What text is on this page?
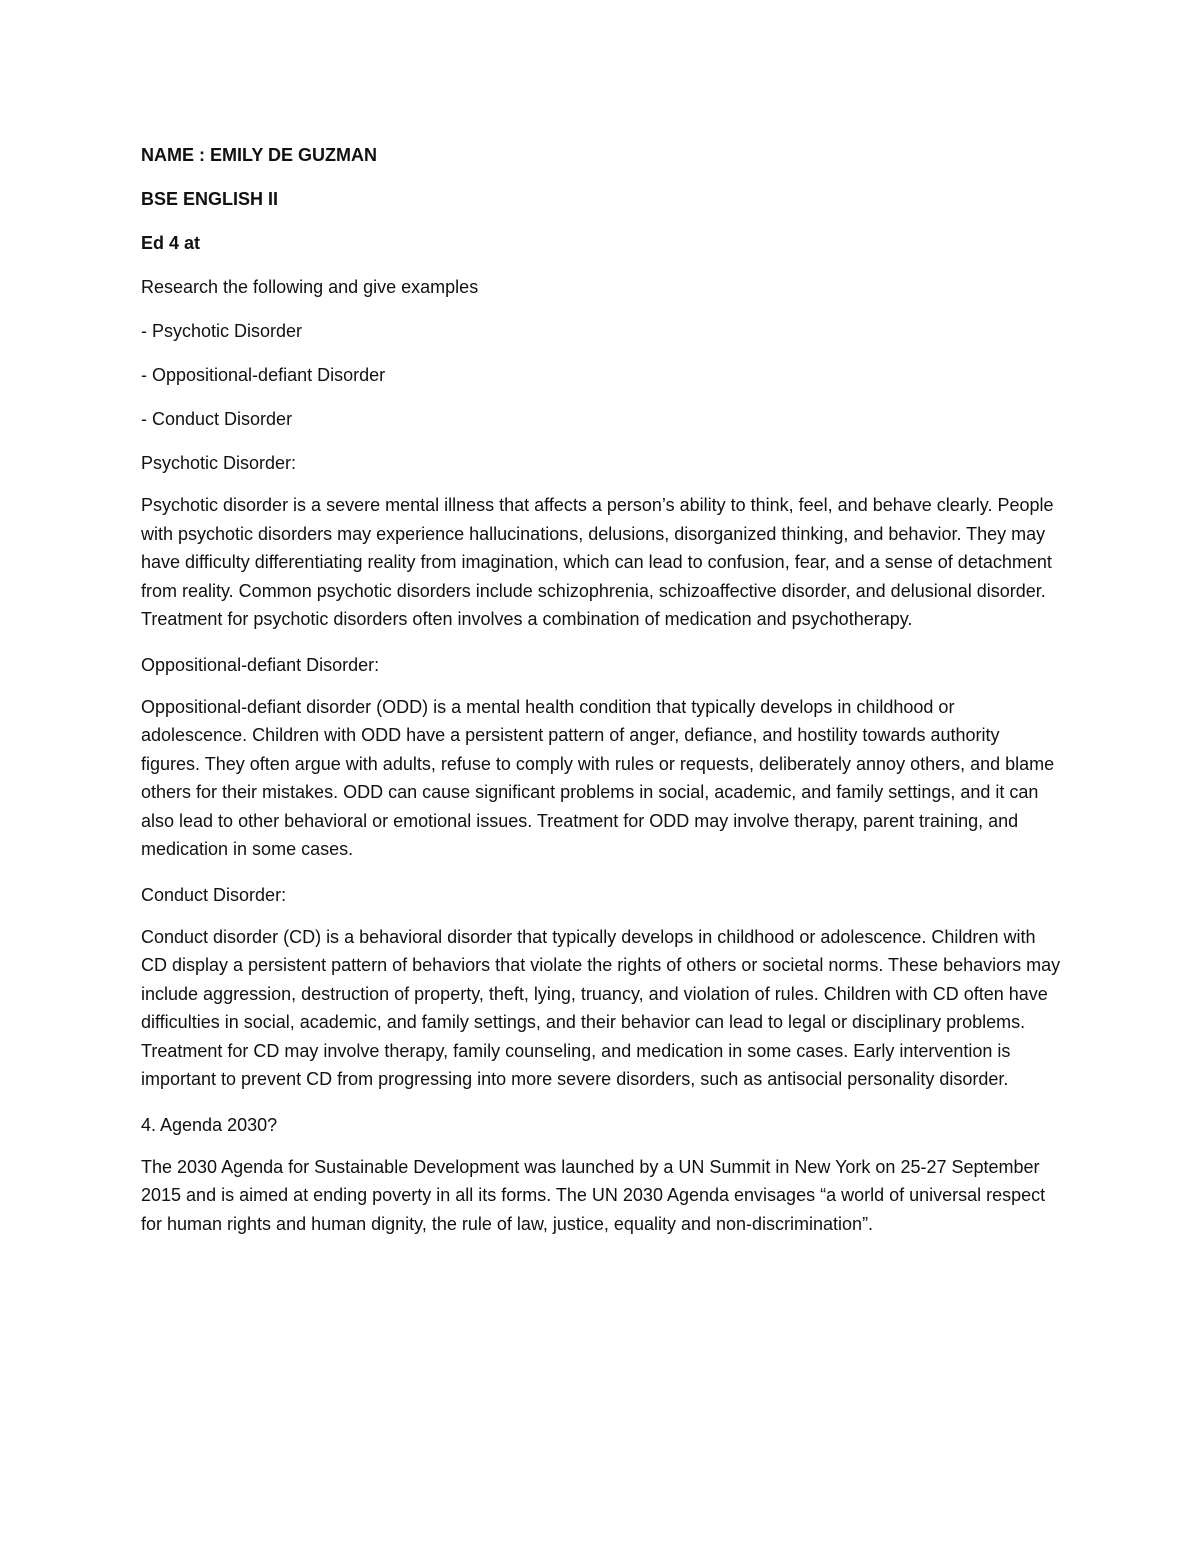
NAME : EMILY DE GUZMAN
BSE ENGLISH II
Ed 4 at
Research the following and give examples
- Psychotic Disorder
- Oppositional-defiant Disorder
- Conduct Disorder
Psychotic Disorder:
Psychotic disorder is a severe mental illness that affects a person’s ability to think, feel, and behave clearly. People with psychotic disorders may experience hallucinations, delusions, disorganized thinking, and behavior. They may have difficulty differentiating reality from imagination, which can lead to confusion, fear, and a sense of detachment from reality. Common psychotic disorders include schizophrenia, schizoaffective disorder, and delusional disorder. Treatment for psychotic disorders often involves a combination of medication and psychotherapy.
Oppositional-defiant Disorder:
Oppositional-defiant disorder (ODD) is a mental health condition that typically develops in childhood or adolescence. Children with ODD have a persistent pattern of anger, defiance, and hostility towards authority figures. They often argue with adults, refuse to comply with rules or requests, deliberately annoy others, and blame others for their mistakes. ODD can cause significant problems in social, academic, and family settings, and it can also lead to other behavioral or emotional issues. Treatment for ODD may involve therapy, parent training, and medication in some cases.
Conduct Disorder:
Conduct disorder (CD) is a behavioral disorder that typically develops in childhood or adolescence. Children with CD display a persistent pattern of behaviors that violate the rights of others or societal norms. These behaviors may include aggression, destruction of property, theft, lying, truancy, and violation of rules. Children with CD often have difficulties in social, academic, and family settings, and their behavior can lead to legal or disciplinary problems. Treatment for CD may involve therapy, family counseling, and medication in some cases. Early intervention is important to prevent CD from progressing into more severe disorders, such as antisocial personality disorder.
4. Agenda 2030?
The 2030 Agenda for Sustainable Development was launched by a UN Summit in New York on 25-27 September 2015 and is aimed at ending poverty in all its forms. The UN 2030 Agenda envisages “a world of universal respect for human rights and human dignity, the rule of law, justice, equality and non-discrimination”.
